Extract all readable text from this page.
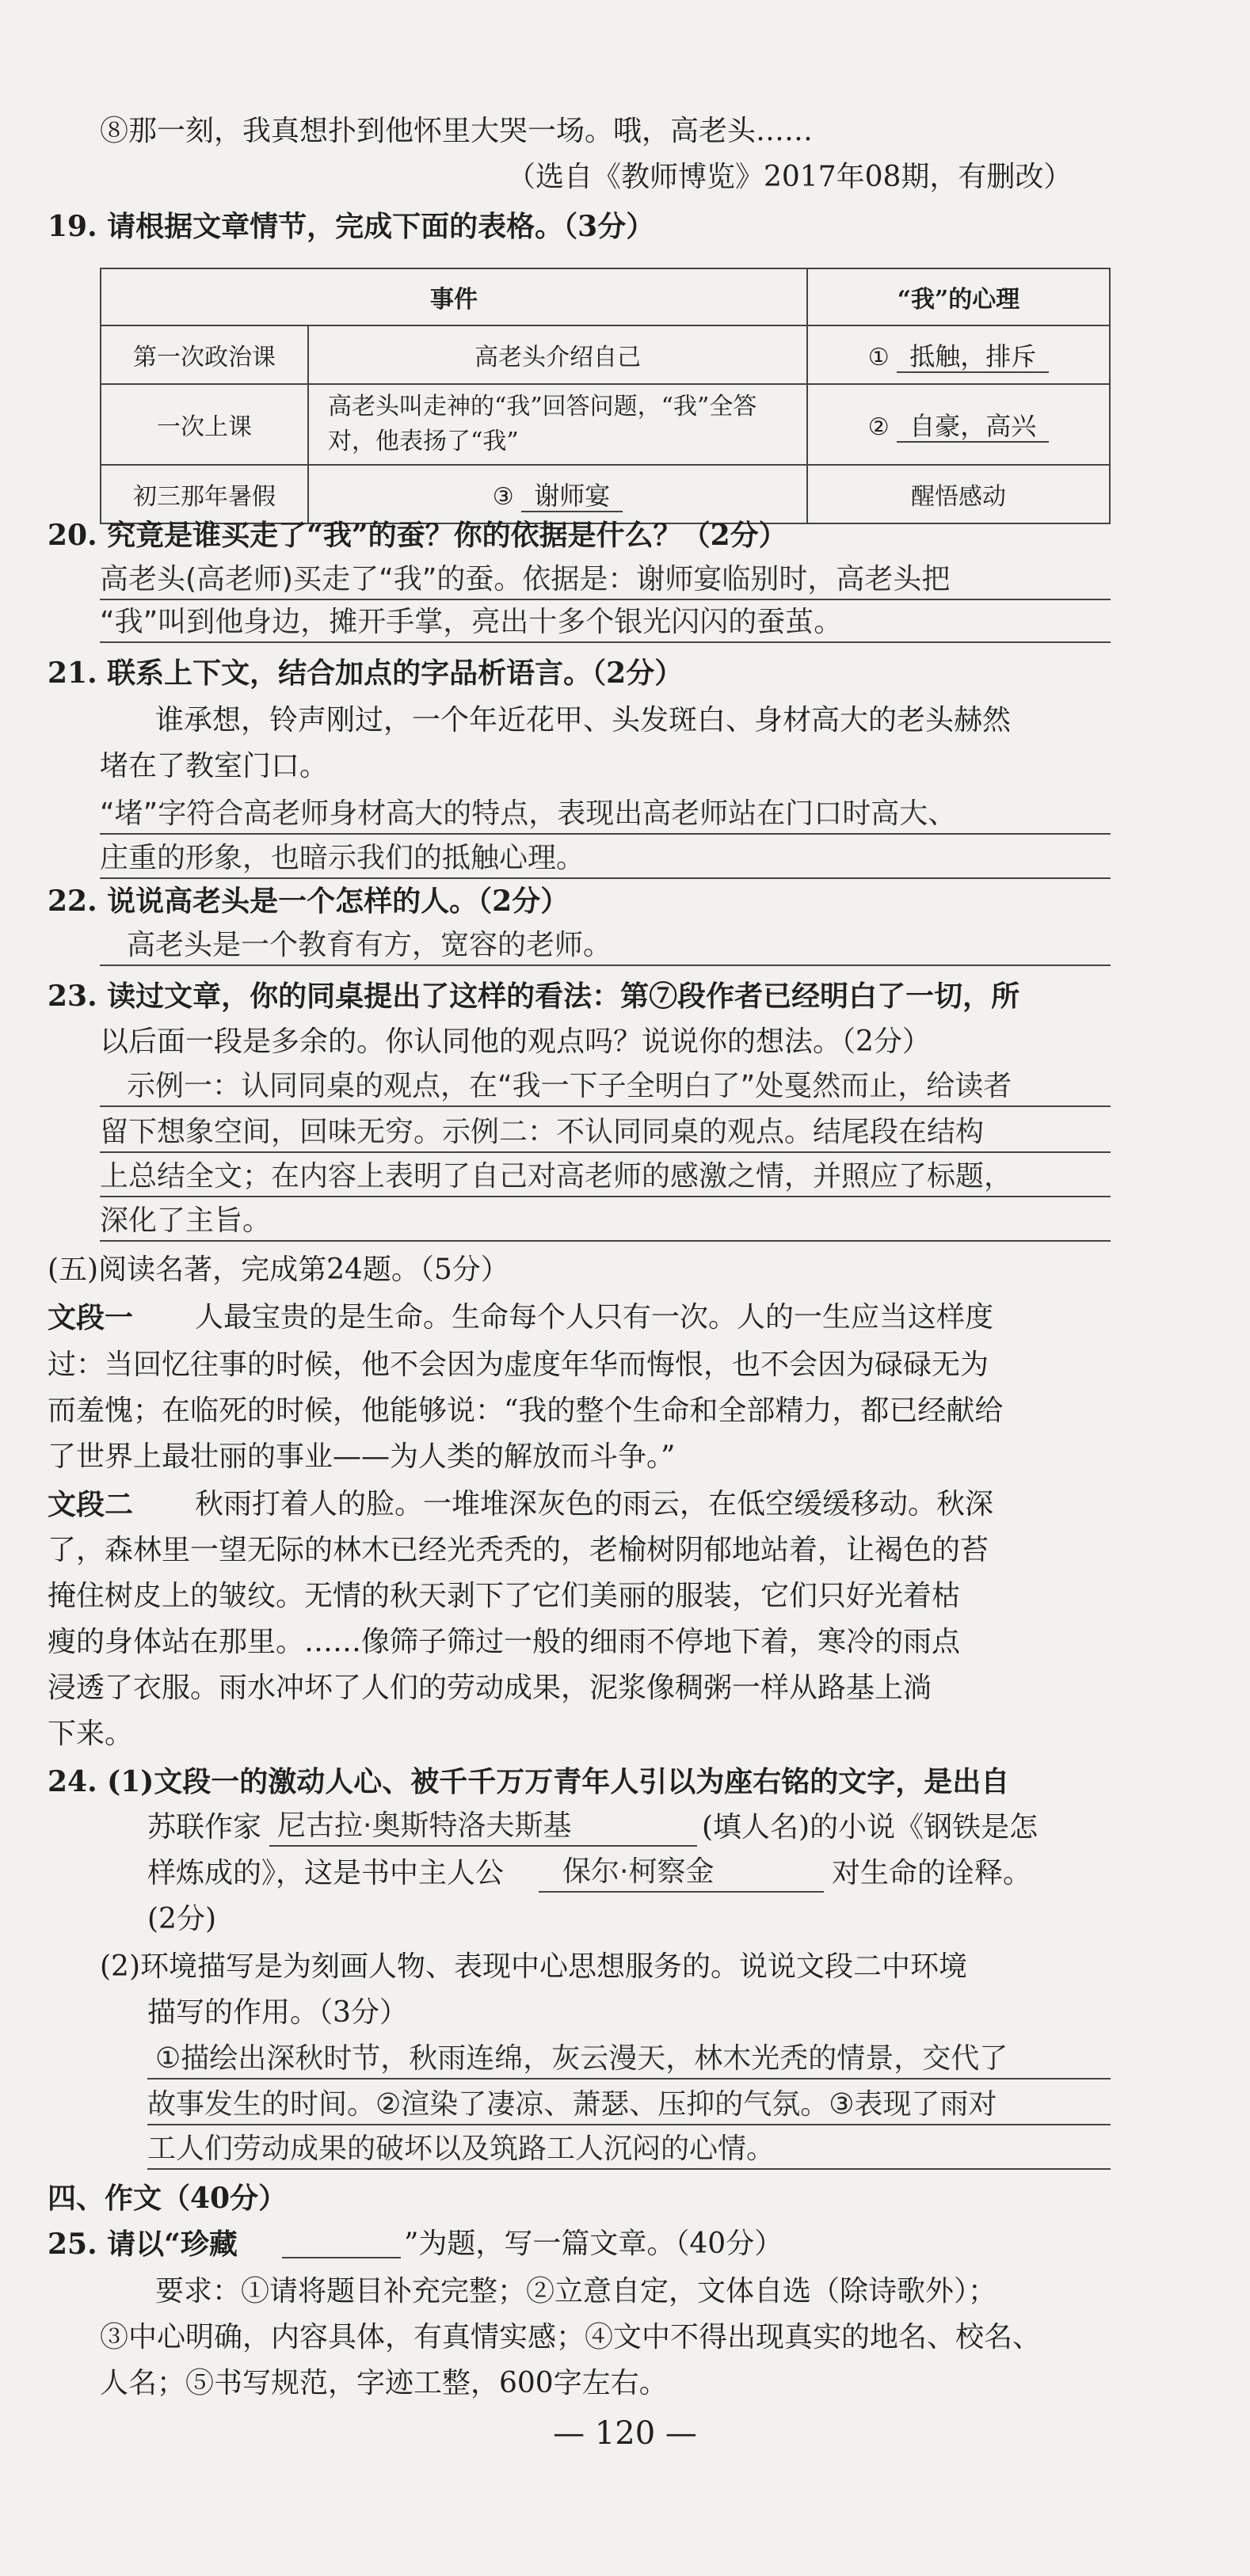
⑧那一刻，我真想扑到他怀里大哭一场。哦，高老头……
（选自《教师博览》2017年08期，有删改）
19. 请根据文章情节，完成下面的表格。（3分）
事件		“我”的心理
第一次政治课	高老头介绍自己	① 抵触，排斥
一次上课	高老头叫走神的“我”回答问题，“我”全答对，他表扬了“我”	② 自豪，高兴
初三那年暑假	③ 谢师宴	醒悟感动
20. 究竟是谁买走了“我”的蚕？你的依据是什么？（2分）
高老头(高老师)买走了“我”的蚕。依据是：谢师宴临别时，高老头把
“我”叫到他身边，摊开手掌，亮出十多个银光闪闪的蚕茧。
21. 联系上下文，结合加点的字品析语言。（2分）
谁承想，铃声刚过，一个年近花甲、头发斑白、身材高大的老头赫然
堵在了教室门口。
“堵”字符合高老师身材高大的特点，表现出高老师站在门口时高大、
庄重的形象，也暗示我们的抵触心理。
22. 说说高老头是一个怎样的人。（2分）
高老头是一个教育有方，宽容的老师。
23. 读过文章，你的同桌提出了这样的看法：第⑦段作者已经明白了一切，所
以后面一段是多余的。你认同他的观点吗？说说你的想法。（2分）
示例一：认同同桌的观点，在“我一下子全明白了”处戛然而止，给读者
留下想象空间，回味无穷。示例二：不认同同桌的观点。结尾段在结构
上总结全文；在内容上表明了自己对高老师的感激之情，并照应了标题，
深化了主旨。
(五)阅读名著，完成第24题。（5分）
文段一 人最宝贵的是生命。生命每个人只有一次。人的一生应当这样度
过：当回忆往事的时候，他不会因为虚度年华而悔恨，也不会因为碌碌无为
而羞愧；在临死的时候，他能够说：“我的整个生命和全部精力，都已经献给
了世界上最壮丽的事业——为人类的解放而斗争。”
文段二 秋雨打着人的脸。一堆堆深灰色的雨云，在低空缓缓移动。秋深
了，森林里一望无际的林木已经光秃秃的，老榆树阴郁地站着，让褐色的苔
掩住树皮上的皱纹。无情的秋天剥下了它们美丽的服装，它们只好光着枯
瘦的身体站在那里。……像筛子筛过一般的细雨不停地下着，寒冷的雨点
浸透了衣服。雨水冲坏了人们的劳动成果，泥浆像稠粥一样从路基上淌
下来。
24. (1)文段一的激动人心、被千千万万青年人引以为座右铭的文字，是出自
苏联作家 尼古拉·奥斯特洛夫斯基	(填人名)的小说《钢铁是怎
样炼成的》，这是书中主人公 保尔·柯察金	对生命的诠释。
(2分)
(2)环境描写是为刻画人物、表现中心思想服务的。说说文段二中环境
描写的作用。（3分）
①描绘出深秋时节，秋雨连绵，灰云漫天，林木光秃的情景，交代了
故事发生的时间。②渲染了凄凉、萧瑟、压抑的气氛。③表现了雨对
工人们劳动成果的破坏以及筑路工人沉闷的心情。
四、作文（40分）
25. 请以“珍藏	”为题，写一篇文章。（40分）
要求：①请将题目补充完整；②立意自定，文体自选（除诗歌外）；
③中心明确，内容具体，有真情实感；④文中不得出现真实的地名、校名、
人名；⑤书写规范，字迹工整，600字左右。
— 120 —
